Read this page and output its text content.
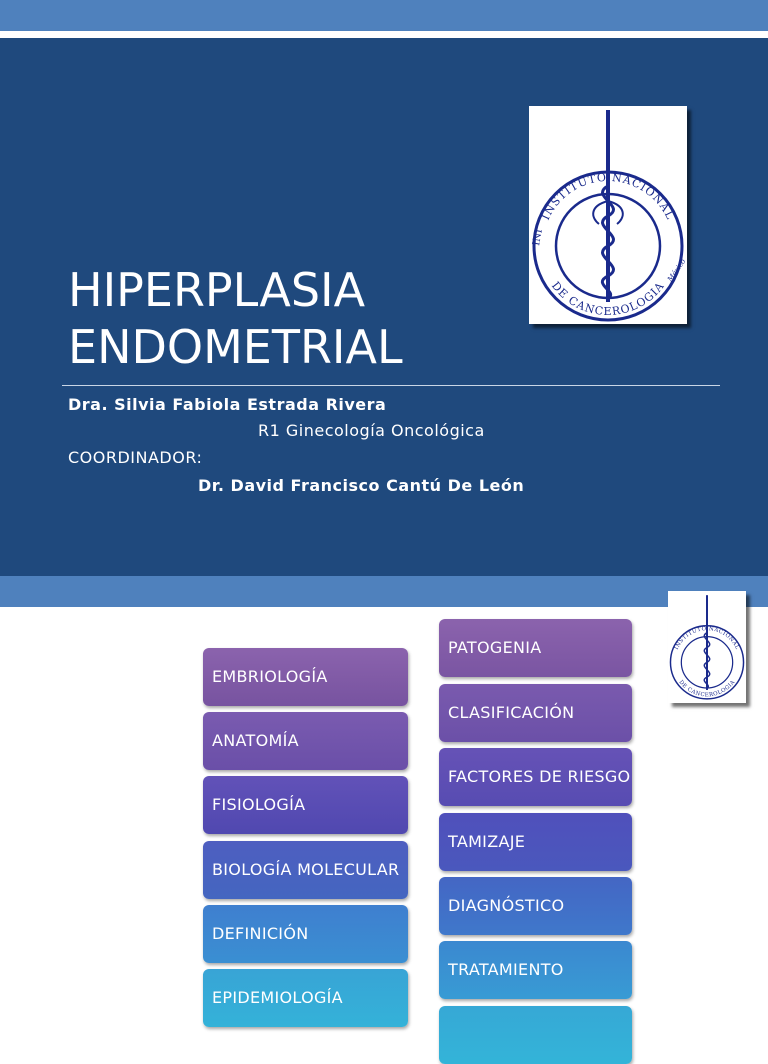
HIPERPLASIA
ENDOMETRIAL
Dra. Silvia Fabiola Estrada Rivera
R1 Ginecología Oncológica
COORDINADOR:
Dr. David Francisco Cantú De León
INSTITUTO NACIONAL
DE CANCEROLOGIA
INI
México
INSTITUTO NACIONAL
DE CANCEROLOGIA
EMBRIOLOGÍA
ANATOMÍA
FISIOLOGÍA
BIOLOGÍA MOLECULAR
DEFINICIÓN
EPIDEMIOLOGÍA
PATOGENIA
CLASIFICACIÓN
FACTORES DE RIESGO
TAMIZAJE
DIAGNÓSTICO
TRATAMIENTO
